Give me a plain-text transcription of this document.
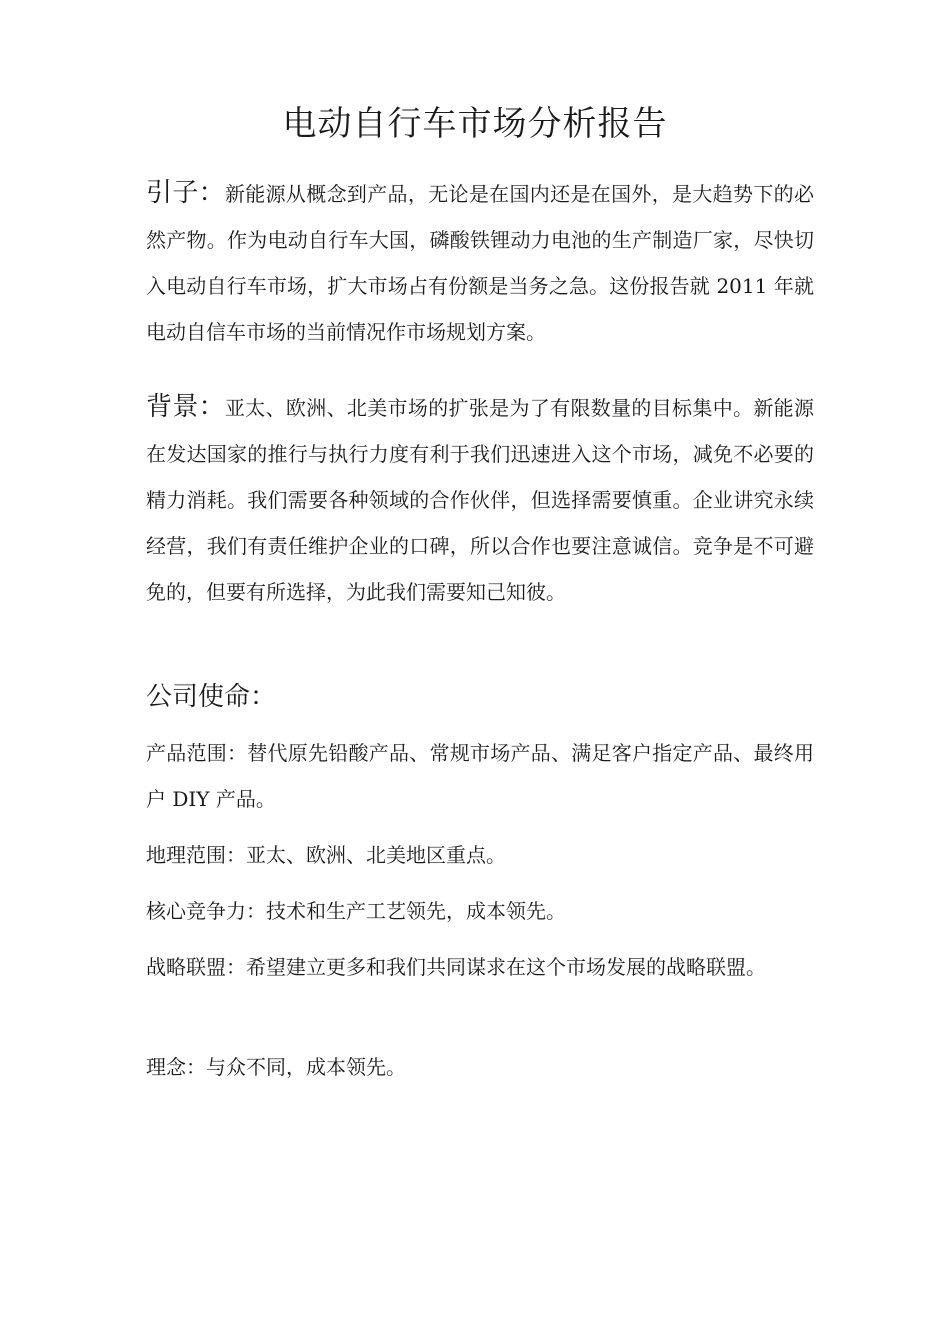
电动自行车市场分析报告

引子：新能源从概念到产品，无论是在国内还是在国外，是大趋势下的必然产物。作为电动自行车大国，磷酸铁锂动力电池的生产制造厂家，尽快切入电动自行车市场，扩大市场占有份额是当务之急。这份报告就 2011 年就电动自信车市场的当前情况作市场规划方案。

背景：亚太、欧洲、北美市场的扩张是为了有限数量的目标集中。新能源在发达国家的推行与执行力度有利于我们迅速进入这个市场，减免不必要的精力消耗。我们需要各种领域的合作伙伴，但选择需要慎重。企业讲究永续经营，我们有责任维护企业的口碑，所以合作也要注意诚信。竞争是不可避免的，但要有所选择，为此我们需要知己知彼。

公司使命：

产品范围：替代原先铅酸产品、常规市场产品、满足客户指定产品、最终用户 DIY 产品。

地理范围：亚太、欧洲、北美地区重点。

核心竞争力：技术和生产工艺领先，成本领先。

战略联盟：希望建立更多和我们共同谋求在这个市场发展的战略联盟。

理念：与众不同，成本领先。
